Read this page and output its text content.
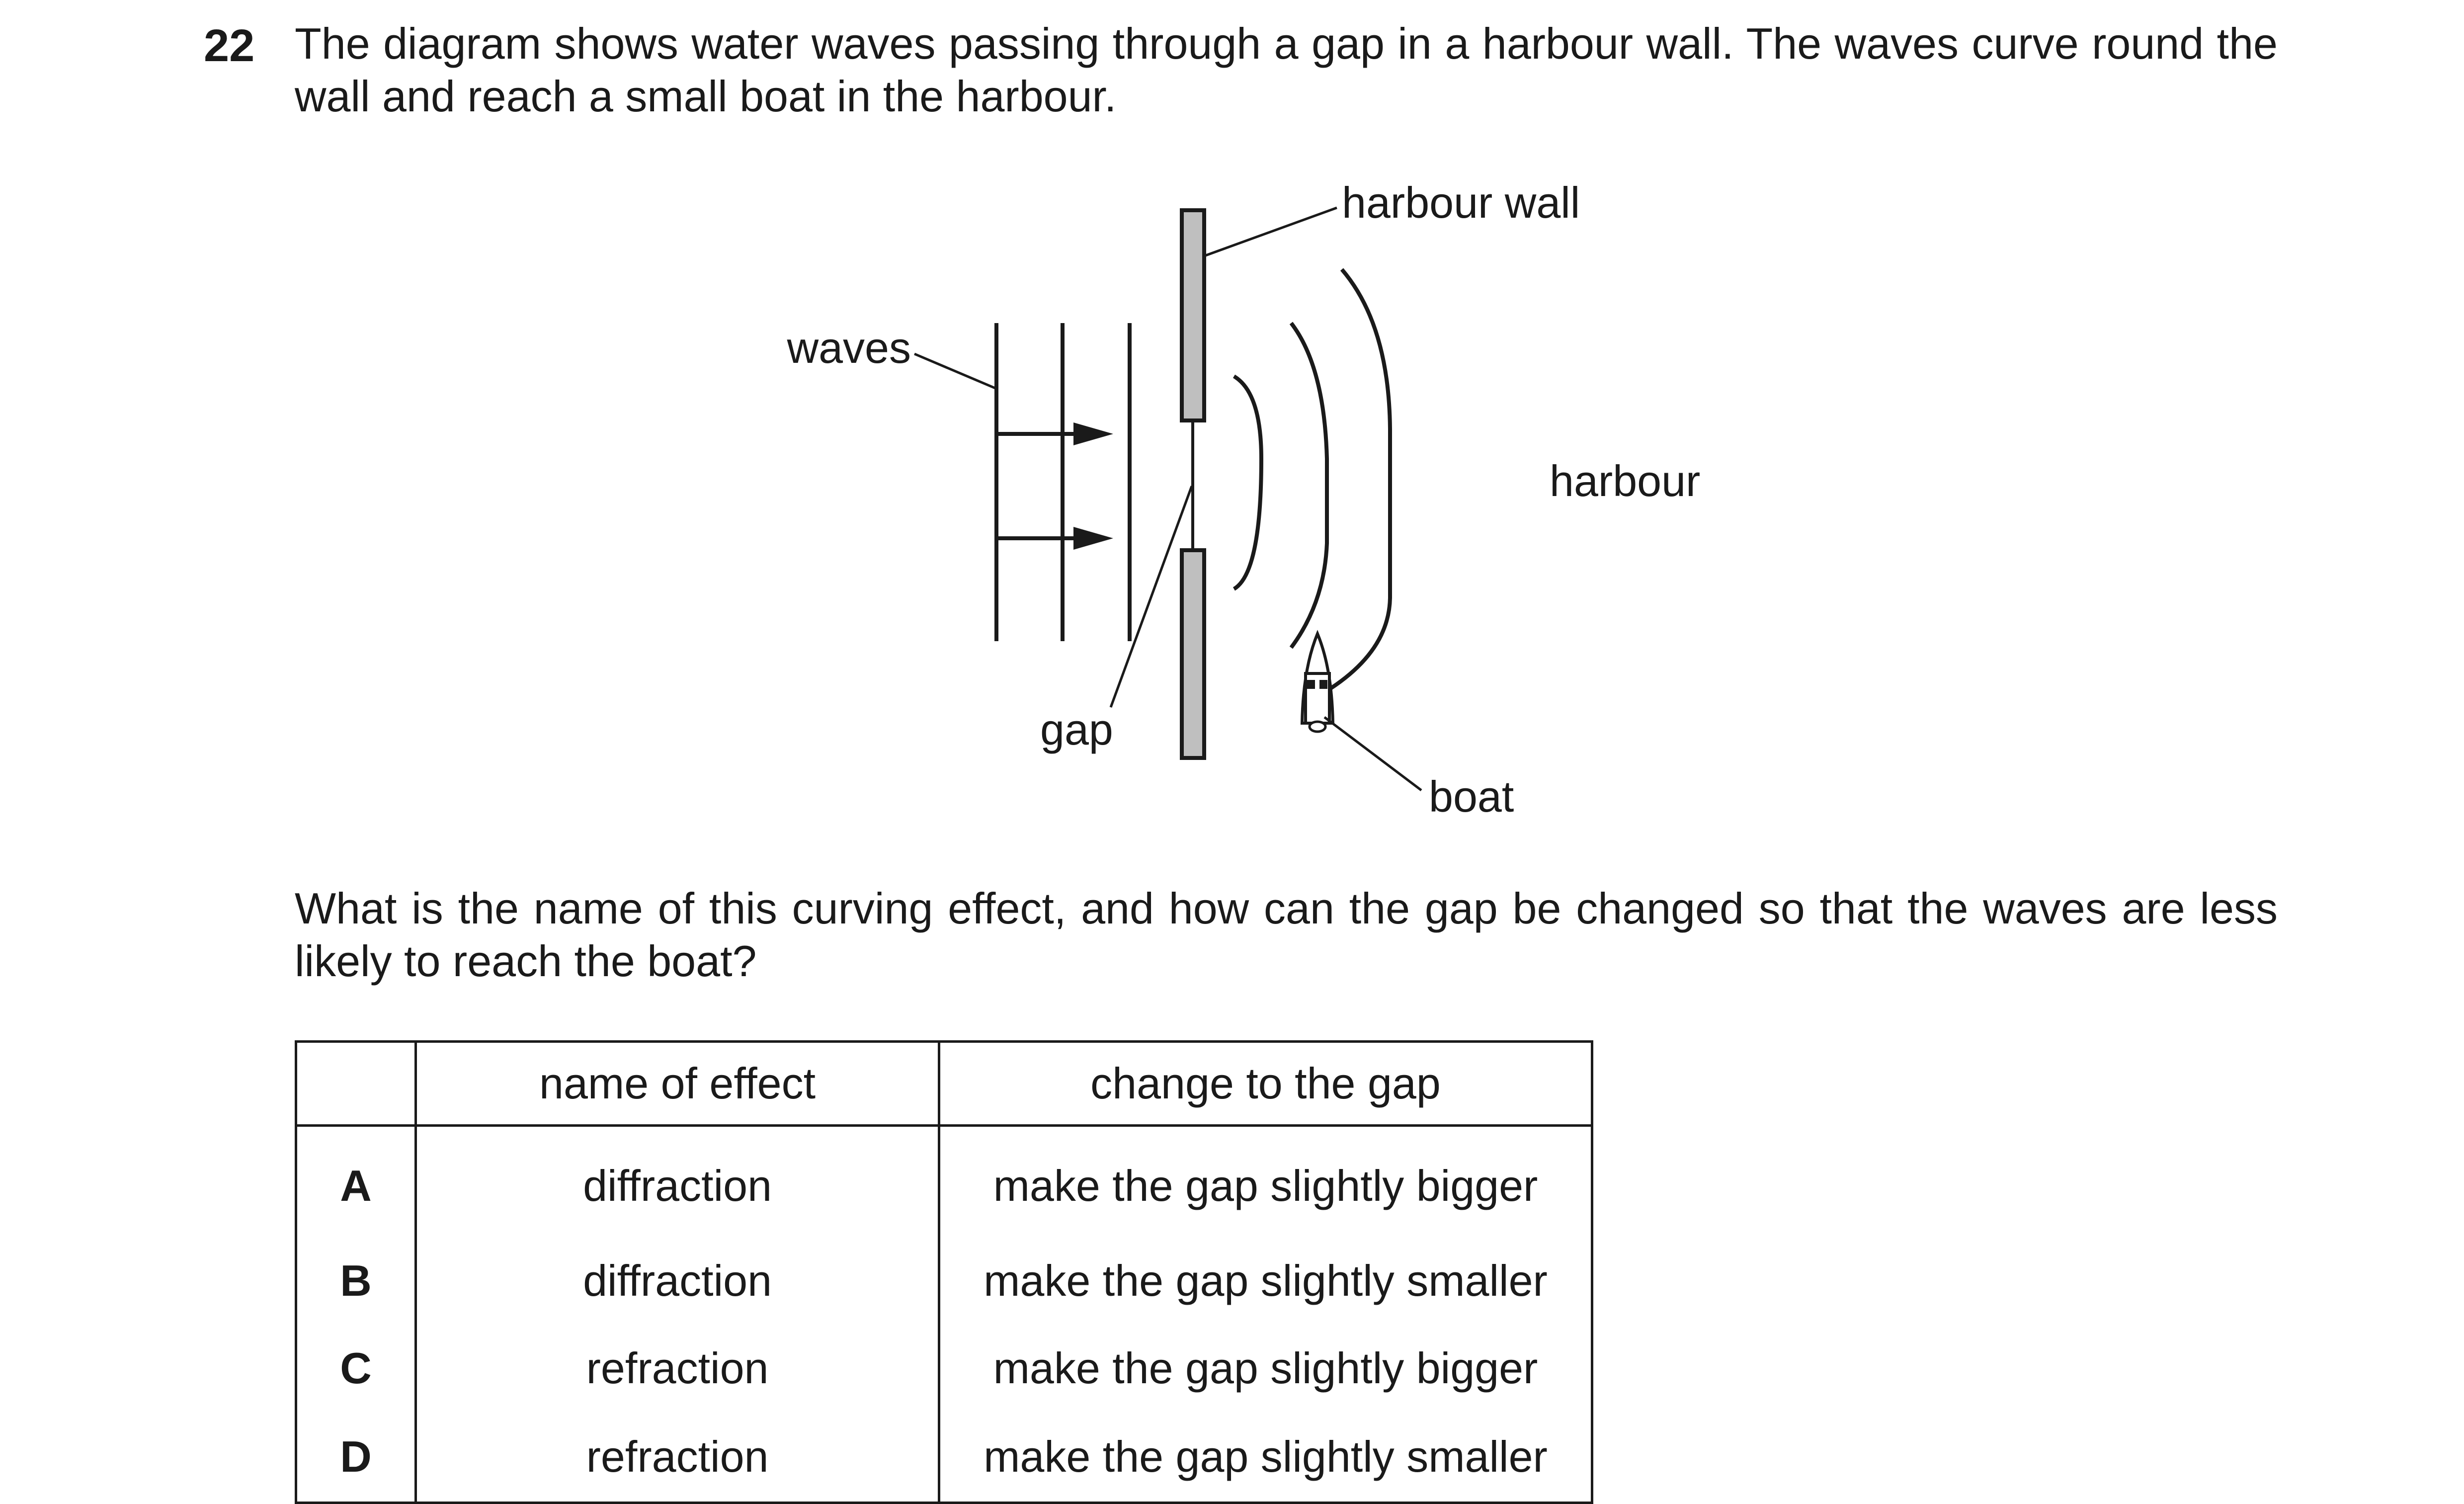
22 The diagram shows water waves passing through a gap in a harbour wall. The waves curve round the wall and reach a small boat in the harbour.
harbour wall
waves
harbour
gap
boat
What is the name of this curving effect, and how can the gap be changed so that the waves are less likely to reach the boat?
	name of effect	change to the gap
A	diffraction	make the gap slightly bigger
B	diffraction	make the gap slightly smaller
C	refraction	make the gap slightly bigger
D	refraction	make the gap slightly smaller
